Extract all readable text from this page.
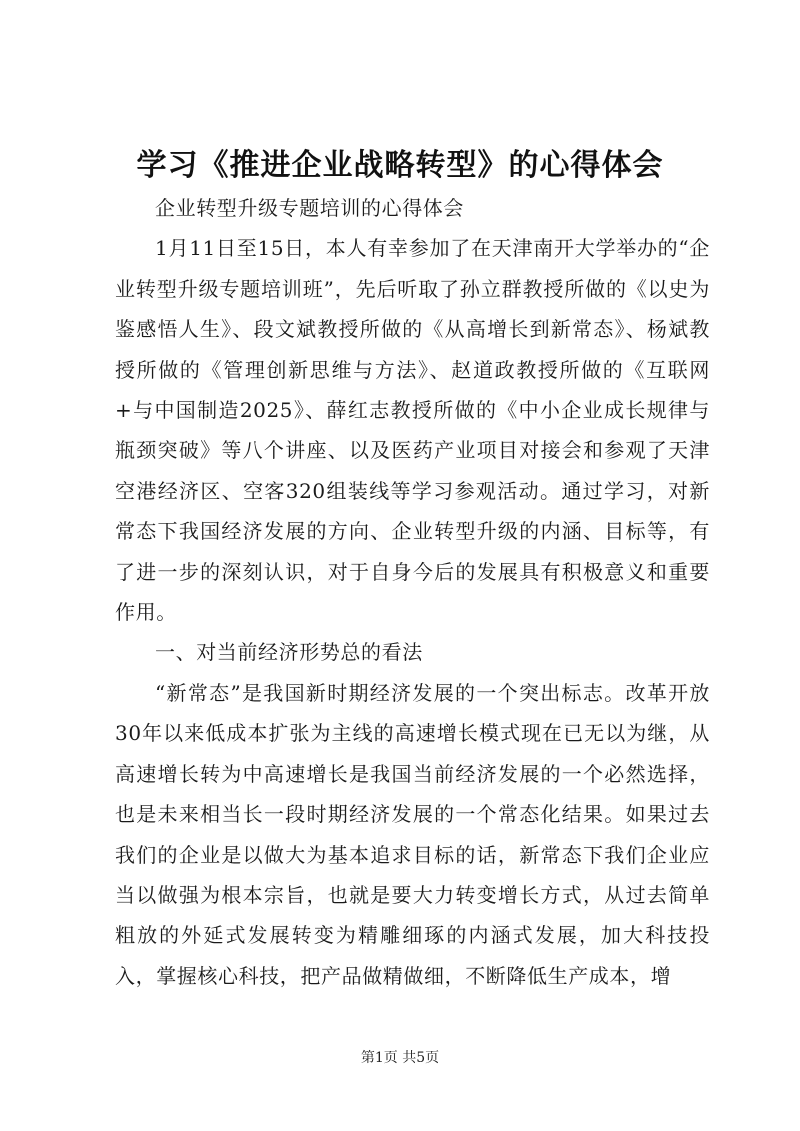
学习《推进企业战略转型》的心得体会

企业转型升级专题培训的心得体会

1月11日至15日，本人有幸参加了在天津南开大学举办的“企业转型升级专题培训班”，先后听取了孙立群教授所做的《以史为鉴感悟人生》、段文斌教授所做的《从高增长到新常态》、杨斌教授所做的《管理创新思维与方法》、赵道政教授所做的《互联网+与中国制造2025》、薛红志教授所做的《中小企业成长规律与瓶颈突破》等八个讲座、以及医药产业项目对接会和参观了天津空港经济区、空客320组装线等学习参观活动。通过学习，对新常态下我国经济发展的方向、企业转型升级的内涵、目标等，有了进一步的深刻认识，对于自身今后的发展具有积极意义和重要作用。

一、对当前经济形势总的看法

“新常态”是我国新时期经济发展的一个突出标志。改革开放30年以来低成本扩张为主线的高速增长模式现在已无以为继，从高速增长转为中高速增长是我国当前经济发展的一个必然选择，也是未来相当长一段时期经济发展的一个常态化结果。如果过去我们的企业是以做大为基本追求目标的话，新常态下我们企业应当以做强为根本宗旨，也就是要大力转变增长方式，从过去简单粗放的外延式发展转变为精雕细琢的内涵式发展，加大科技投入，掌握核心科技，把产品做精做细，不断降低生产成本，增

第1页 共5页
